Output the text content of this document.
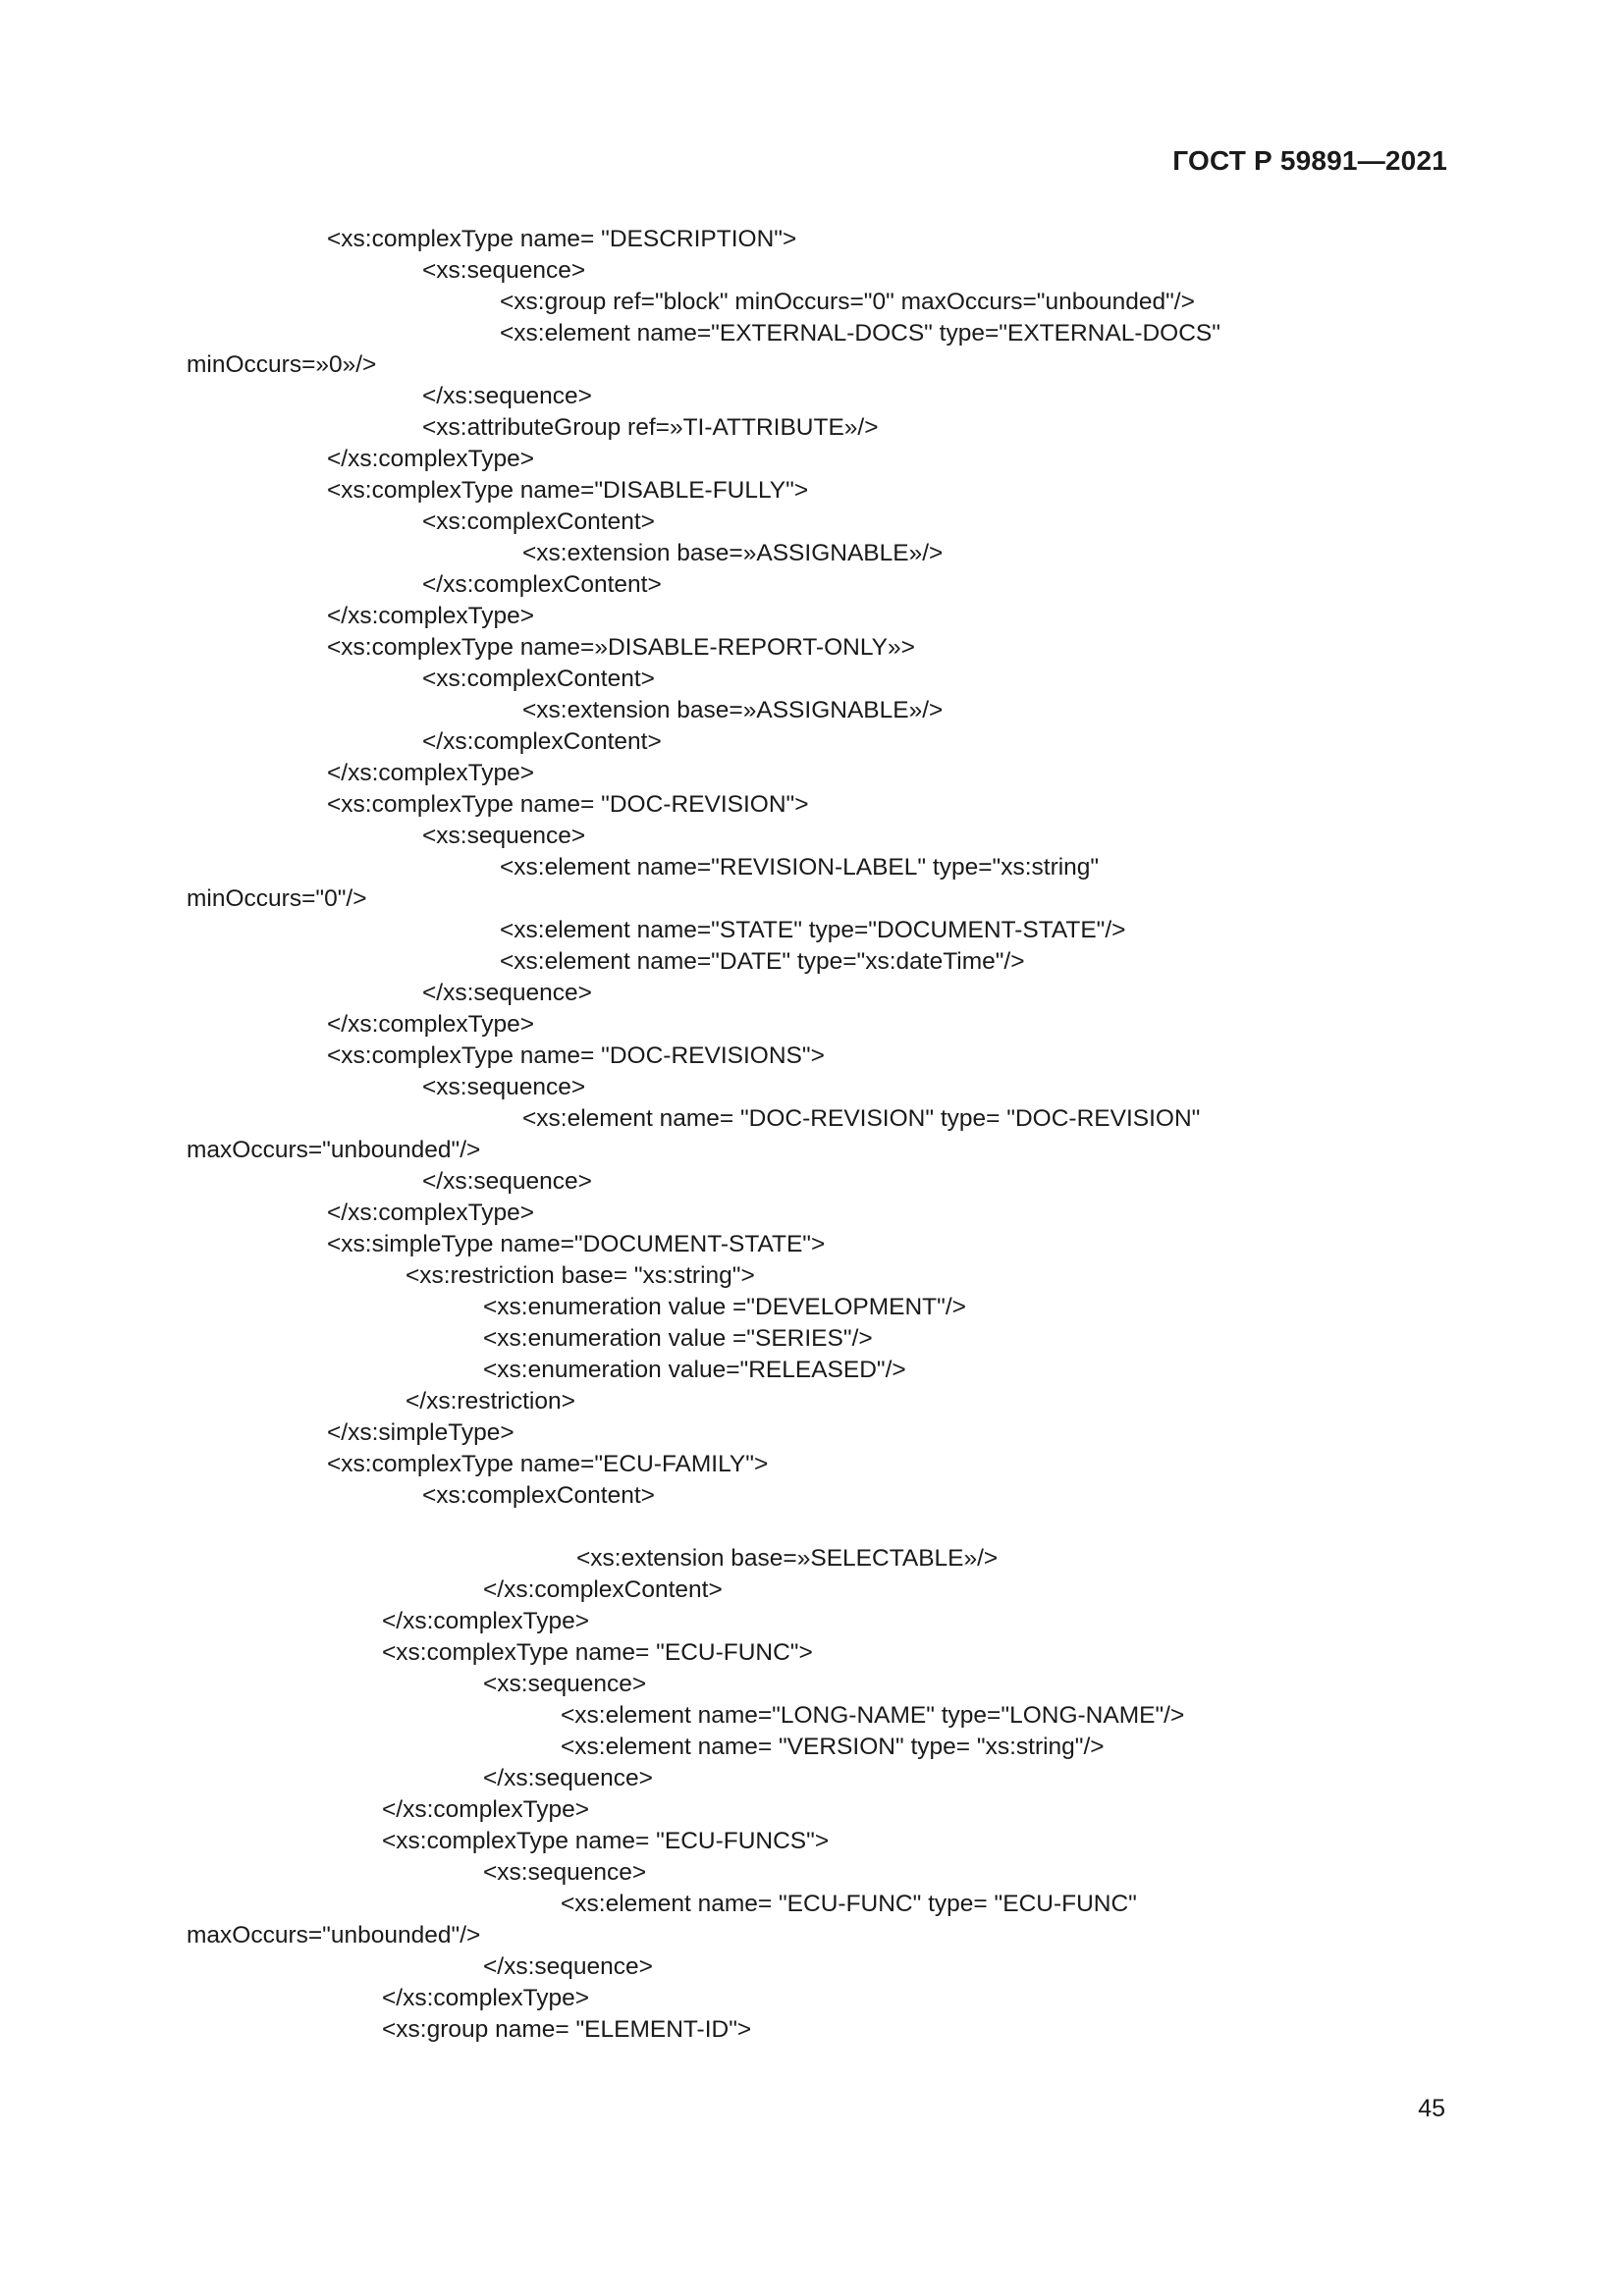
ГОСТ Р 59891—2021
<xs:complexType name= "DESCRIPTION">
<xs:sequence>
<xs:group ref="block" minOccurs="0" maxOccurs="unbounded"/>
<xs:element name="EXTERNAL-DOCS" type="EXTERNAL-DOCS"
minOccurs=»0»/>
</xs:sequence>
<xs:attributeGroup ref=»TI-ATTRIBUTE»/>
</xs:complexType>
<xs:complexType name="DISABLE-FULLY">
<xs:complexContent>
<xs:extension base=»ASSIGNABLE»/>
</xs:complexContent>
</xs:complexType>
<xs:complexType name=»DISABLE-REPORT-ONLY»>
<xs:complexContent>
<xs:extension base=»ASSIGNABLE»/>
</xs:complexContent>
</xs:complexType>
<xs:complexType name= "DOC-REVISION">
<xs:sequence>
<xs:element name="REVISION-LABEL" type="xs:string"
minOccurs="0"/>
<xs:element name="STATE" type="DOCUMENT-STATE"/>
<xs:element name="DATE" type="xs:dateTime"/>
</xs:sequence>
</xs:complexType>
<xs:complexType name= "DOC-REVISIONS">
<xs:sequence>
<xs:element name= "DOC-REVISION" type= "DOC-REVISION"
maxOccurs="unbounded"/>
</xs:sequence>
</xs:complexType>
<xs:simpleType name="DOCUMENT-STATE">
<xs:restriction base= "xs:string">
<xs:enumeration value ="DEVELOPMENT"/>
<xs:enumeration value ="SERIES"/>
<xs:enumeration value="RELEASED"/>
</xs:restriction>
</xs:simpleType>
<xs:complexType name="ECU-FAMILY">
<xs:complexContent>
<xs:extension base=»SELECTABLE»/>
</xs:complexContent>
</xs:complexType>
<xs:complexType name= "ECU-FUNC">
<xs:sequence>
<xs:element name="LONG-NAME" type="LONG-NAME"/>
<xs:element name= "VERSION" type= "xs:string"/>
</xs:sequence>
</xs:complexType>
<xs:complexType name= "ECU-FUNCS">
<xs:sequence>
<xs:element name= "ECU-FUNC" type= "ECU-FUNC"
maxOccurs="unbounded"/>
</xs:sequence>
</xs:complexType>
<xs:group name= "ELEMENT-ID">
45
